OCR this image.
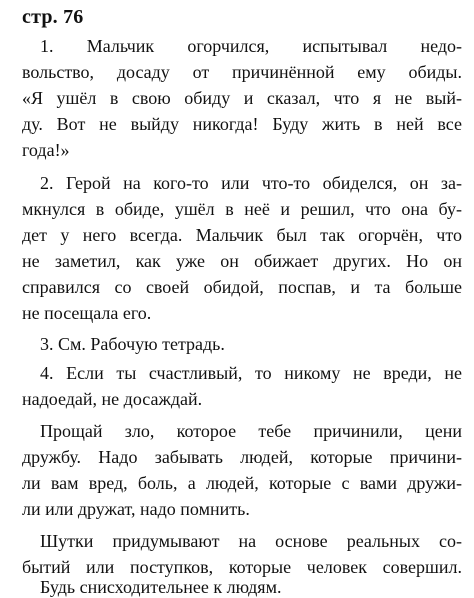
стр. 76
1. Мальчик огорчился, испытывал недо-
вольство, досаду от причинённой ему обиды.
«Я ушёл в свою обиду и сказал, что я не вый-
ду. Вот не выйду никогда! Буду жить в ней все
года!»
2. Герой на кого-то или что-то обиделся, он за-
мкнулся в обиде, ушёл в неё и решил, что она бу-
дет у него всегда. Мальчик был так огорчён, что
не заметил, как уже он обижает других. Но он
справился со своей обидой, поспав, и та больше
не посещала его.
3. См. Рабочую тетрадь.
4. Если ты счастливый, то никому не вреди, не
надоедай, не досаждай.
Прощай зло, которое тебе причинили, цени
дружбу. Надо забывать людей, которые причини-
ли вам вред, боль, а людей, которые с вами дружи-
ли или дружат, надо помнить.
Шутки придумывают на основе реальных со-
бытий или поступков, которые человек совершил.
Будь снисходительнее к людям.
